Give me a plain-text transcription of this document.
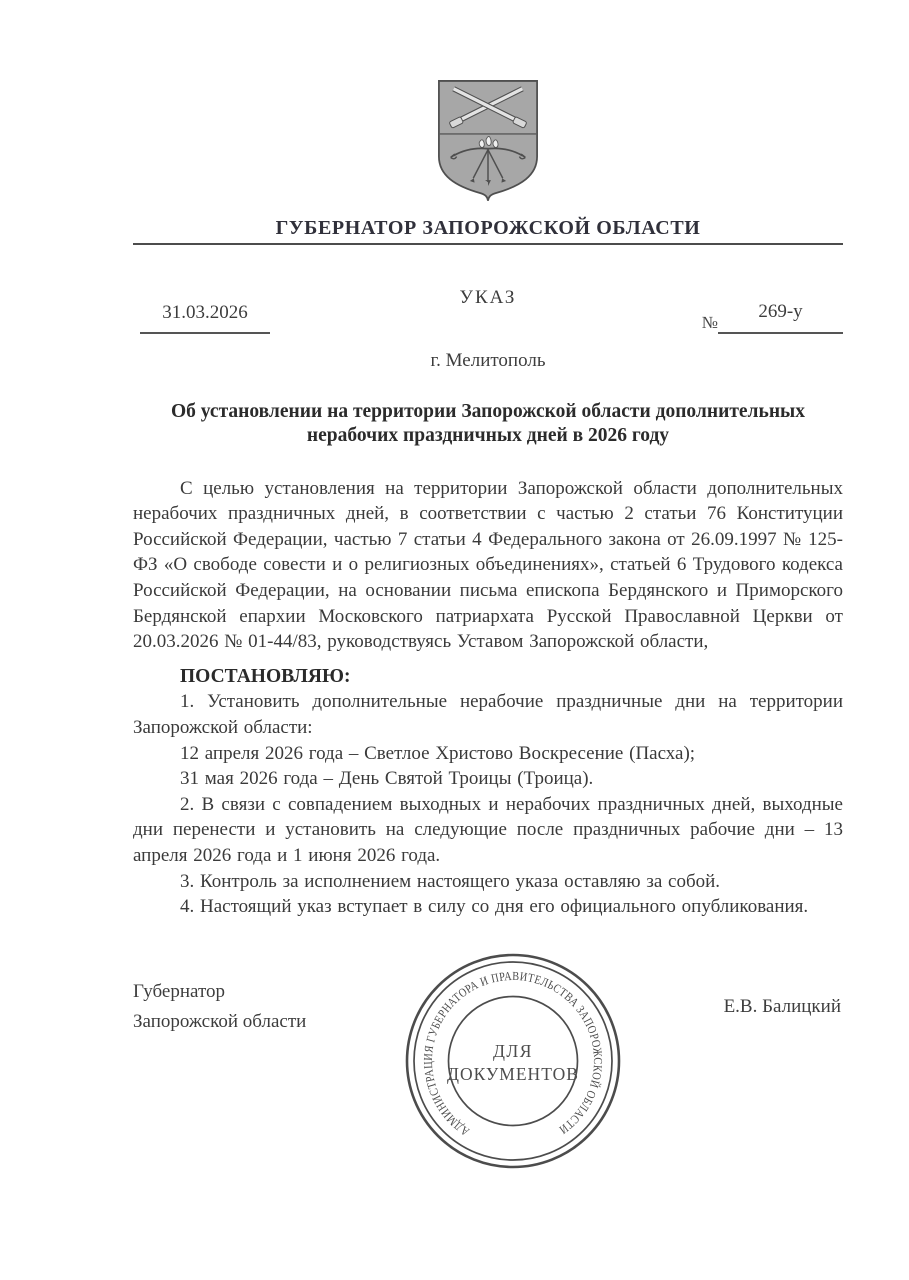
ГУБЕРНАТОР ЗАПОРОЖСКОЙ ОБЛАСТИ
УКАЗ
31.03.2026	№
269-у
г. Мелитополь
Об установлении на территории Запорожской области дополнительных
нерабочих праздничных дней в 2026 году

С целью установления на территории Запорожской области дополнительных нерабочих праздничных дней, в соответствии с частью 2 статьи 76 Конституции Российской Федерации, частью 7 статьи 4 Федерального закона от 26.09.1997 № 125-ФЗ «О свободе совести и о религиозных объединениях», статьей 6 Трудового кодекса Российской Федерации, на основании письма епископа Бердянского и Приморского Бердянской епархии Московского патриархата Русской Православной Церкви от 20.03.2026 № 01-44/83, руководствуясь Уставом Запорожской области,

ПОСТАНОВЛЯЮ:

1. Установить дополнительные нерабочие праздничные дни на территории Запорожской области:

12 апреля 2026 года – Светлое Христово Воскресение (Пасха);

31 мая 2026 года – День Святой Троицы (Троица).

2. В связи с совпадением выходных и нерабочих праздничных дней, выходные дни перенести и установить на следующие после праздничных рабочие дни – 13 апреля 2026 года и 1 июня 2026 года.

3. Контроль за исполнением настоящего указа оставляю за собой.

4. Настоящий указ вступает в силу со дня его официального опубликования.

Губернатор
Запорожской области
Е.В. Балицкий
АДМИНИСТРАЦИЯ ГУБЕРНАТОРА И ПРАВИТЕЛЬСТВА ЗАПОРОЖСКОЙ ОБЛАСТИ
ДЛЯ
ДОКУМЕНТОВ
